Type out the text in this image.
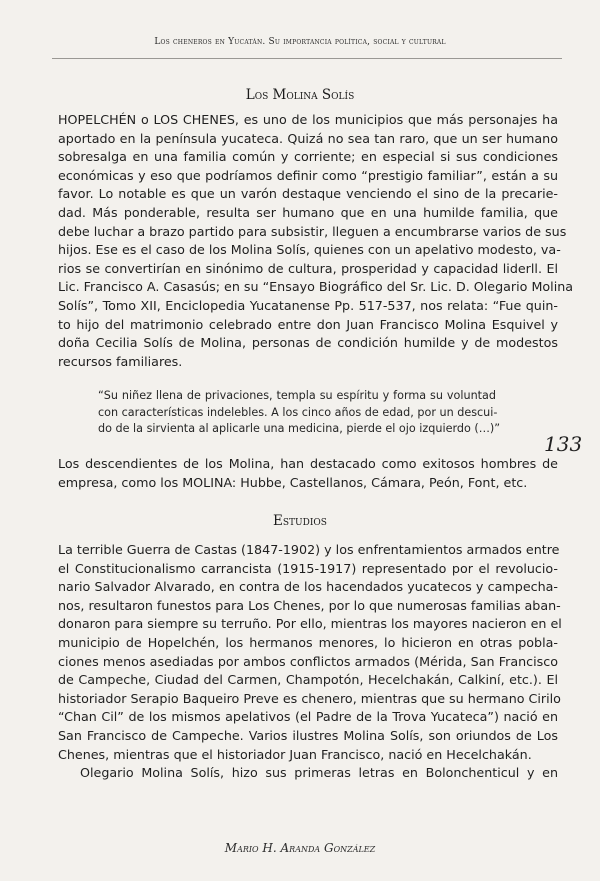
Los cheneros en Yucatán. Su importancia política, social y cultural
Los Molina Solís
HOPELCHÉN o LOS CHENES, es uno de los municipios que más personajes ha
aportado en la península yucateca. Quizá no sea tan raro, que un ser humano
sobresalga en una familia común y corriente; en especial si sus condiciones
económicas y eso que podríamos definir como “prestigio familiar”, están a su
favor. Lo notable es que un varón destaque venciendo el sino de la precarie-
dad. Más ponderable, resulta ser humano que en una humilde familia, que
debe luchar a brazo partido para subsistir, lleguen a encumbrarse varios de sus
hijos. Ese es el caso de los Molina Solís, quienes con un apelativo modesto, va-
rios se convertirían en sinónimo de cultura, prosperidad y capacidad liderll. El
Lic. Francisco A. Casasús; en su “Ensayo Biográfico del Sr. Lic. D. Olegario Molina
Solís”, Tomo XII, Enciclopedia Yucatanense Pp. 517-537, nos relata: “Fue quin-
to hijo del matrimonio celebrado entre don Juan Francisco Molina Esquivel y
doña Cecilia Solís de Molina, personas de condición humilde y de modestos
recursos familiares.
“Su niñez llena de privaciones, templa su espíritu y forma su voluntad
con características indelebles. A los cinco años de edad, por un descui-
do de la sirvienta al aplicarle una medicina, pierde el ojo izquierdo (…)”
133
Los descendientes de los Molina, han destacado como exitosos hombres de
empresa, como los MOLINA: Hubbe, Castellanos, Cámara, Peón, Font, etc.
Estudios
La terrible Guerra de Castas (1847-1902) y los enfrentamientos armados entre
el Constitucionalismo carrancista (1915-1917) representado por el revolucio-
nario Salvador Alvarado, en contra de los hacendados yucatecos y campecha-
nos, resultaron funestos para Los Chenes, por lo que numerosas familias aban-
donaron para siempre su terruño. Por ello, mientras los mayores nacieron en el
municipio de Hopelchén, los hermanos menores, lo hicieron en otras pobla-
ciones menos asediadas por ambos conflictos armados (Mérida, San Francisco
de Campeche, Ciudad del Carmen, Champotón, Hecelchakán, Calkiní, etc.). El
historiador Serapio Baqueiro Preve es chenero, mientras que su hermano Cirilo
“Chan Cil” de los mismos apelativos (el Padre de la Trova Yucateca”) nació en
San Francisco de Campeche. Varios ilustres Molina Solís, son oriundos de Los
Chenes, mientras que el historiador Juan Francisco, nació en Hecelchakán.
Olegario Molina Solís, hizo sus primeras letras en Bolonchenticul y en
Mario H. Aranda González
